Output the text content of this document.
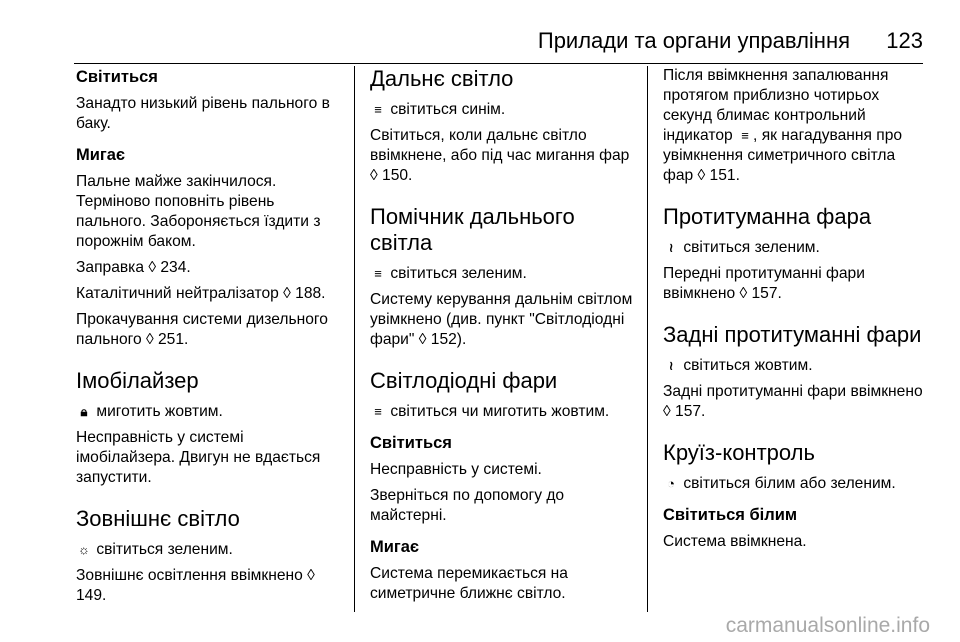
Прилади та органи управління 123
Світиться

Занадто низький рівень пального в баку.

Мигає

Пальне майже закінчилося. Терміново поповніть рівень пального. Забороняється їздити з порожнім баком.

Заправка ◊ 234.

Каталітичний нейтралізатор ◊ 188.

Прокачування системи дизельного пального ◊ 251.

Імобілайзер

🔒︎ миготить жовтим.

Несправність у системі імобілайзера. Двигун не вдається запустити.

Зовнішнє світло

☼ світиться зеленим.

Зовнішнє освітлення ввімкнено ◊ 149.

Дальнє світло

≡ світиться синім.

Світиться, коли дальнє світло ввімкнене, або під час мигання фар ◊ 150.

Помічник дальнього світла

≡ світиться зеленим.

Систему керування дальнім світлом увімкнено (див. пункт "Світлодіодні фари" ◊ 152).

Світлодіодні фари

≡ світиться чи миготить жовтим.

Світиться

Несправність у системі.

Зверніться по допомогу до майстерні.

Мигає

Система перемикається на симетричне ближнє світло.

Після ввімкнення запалювання протягом приблизно чотирьох секунд блимає контрольний індикатор ≡ , як нагадування про увімкнення симетричного світла фар ◊ 151.

Протитуманна фара

≀ світиться зеленим.

Передні протитуманні фари ввімкнено ◊ 157.

Задні протитуманні фари

≀ світиться жовтим.

Задні протитуманні фари ввімкнено ◊ 157.

Круїз-контроль

◔ світиться білим або зеленим.

Світиться білим

Система ввімкнена.

carmanualsonline.info
